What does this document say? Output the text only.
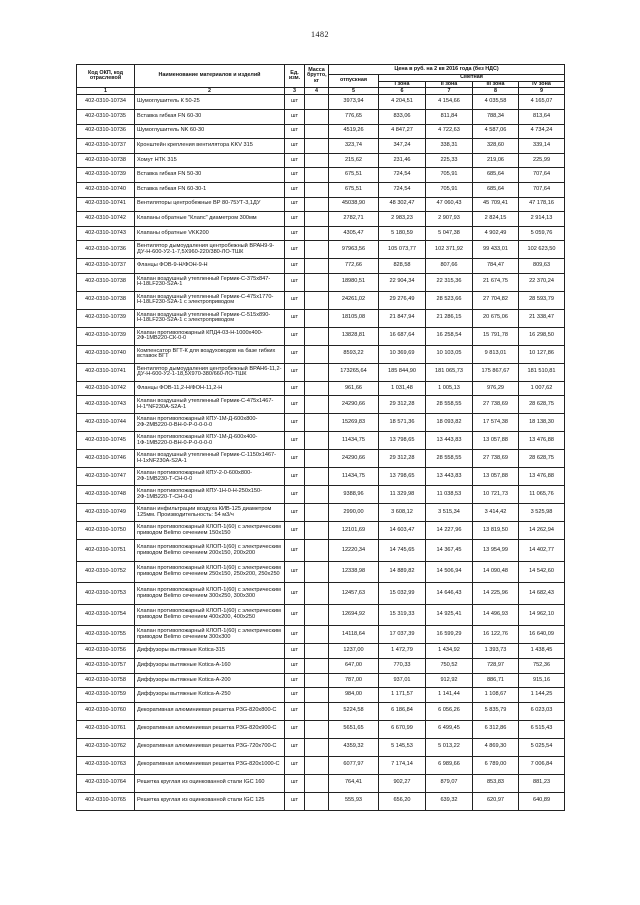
1482
Код ОКП, код отраслевой	Наименование материалов и изделий	Ед. изм.	Масса брутто, кг	Цена в руб. на 2 кв 2016 года (без НДС)				
				отпускная	Сметная			
					I зона	II зона	III зона	IV зона
1	2	3	4	5	6	7	8	9
402-0310-10734	Шумоглушитель К 50-25	шт		3973,94	4 204,51	4 154,66	4 035,58	4 165,07
402-0310-10735	Вставка гибкая FN 60-30	шт		776,65	833,06	811,84	788,34	813,64
402-0310-10736	Шумоглушитель NK 60-30	шт		4519,26	4 847,27	4 722,63	4 587,06	4 734,24
402-0310-10737	Кронштейн крепления вентилятора KKV 315	шт		323,74	347,24	338,31	328,60	339,14
402-0310-10738	Хомут HTK 315	шт		215,62	231,46	225,33	219,06	225,99
402-0310-10739	Вставка гибкая FN 50-30	шт		675,51	724,54	705,91	685,64	707,64
402-0310-10740	Вставка гибкая FN 60-30-1	шт		675,51	724,54	705,91	685,64	707,64
402-0310-10741	Вентиляторы центробежные ВР 80-75УТ-3,1ДУ	шт		45038,90	48 302,47	47 060,43	45 709,41	47 178,16
402-0310-10742	Клапаны обратные "Клапс" диаметром 300мм	шт		2782,71	2 983,23	2 907,93	2 824,15	2 914,13
402-0310-10743	Клапаны обратные VKK200	шт		4305,47	5 180,59	5 047,38	4 902,49	5 059,76
402-0310-10736	Вентилятор дымоудаления центробежный ВРАН9-9-ДУ-Н-600-У2-1-7,5Х960-220/380-ЛО-ТШК	шт		97963,56	105 073,77	102 371,92	99 433,01	102 623,50
402-0310-10737	Фланцы ФОВ-9-Н/ФОН-9-Н	шт		772,66	828,58	807,66	784,47	809,63
402-0310-10738	Клапан воздушный утепленный Гермик-С-375x847-Н-18LF230-S2A-1	шт		18980,51	22 904,34	22 315,36	21 674,75	22 370,24
402-0310-10738	Клапан воздушный утепленный Гермик-С-475x1770-Н-18LF230-S2A-1 с электроприводом	шт		24261,02	29 276,49	28 523,66	27 704,82	28 593,79
402-0310-10739	Клапан воздушный утепленный Гермик-С-515x890-Н-18LF230-S2A-1 с электроприводом	шт		18105,08	21 847,94	21 286,15	20 675,06	21 338,47
402-0310-10739	Клапан противопожарный КПД4-03-Н-1000x400-2Ф-1МВ220-СК-0-0	шт		13828,81	16 687,64	16 258,54	15 791,78	16 298,50
402-0310-10740	Компенсатор ВГТ-К для воздуховодов на базе гибких вставок ВГТ	шт		8593,22	10 369,69	10 103,05	9 813,01	10 127,86
402-0310-10741	Вентилятор дымоудаления центробежный ВРАН6-11,2-ДУ-Н-600-У2-1-18,5Х970-380/660-ЛО-ТШК	шт		173265,64	185 844,90	181 065,73	175 867,67	181 510,81
402-0310-10742	Фланцы ФОВ-11,2-Н/ФОН-11,2-Н	шт		961,66	1 031,48	1 005,13	976,29	1 007,62
402-0310-10743	Клапан воздушный утепленный Гермик-С-475x1467-Н-1*NF230A-S2A-1	шт		24290,66	29 312,28	28 558,55	27 738,69	28 628,75
402-0310-10744	Клапан противопожарный КПУ-1М-Д-600x800-2Ф-2МВ220-0-ВН-0-Р-0-0-0-0	шт		15269,83	18 571,36	18 093,82	17 574,38	18 138,30
402-0310-10745	Клапан противопожарный КПУ-1М-Д-600x400-1Ф-1МВ220-0-ВН-0-Р-0-0-0-0	шт		11434,75	13 798,65	13 443,83	13 057,88	13 476,88
402-0310-10746	Клапан воздушный утепленный Гермик-С-1150x1467-Н-1хNF230A-S2A-1	шт		24290,66	29 312,28	28 558,55	27 738,69	28 628,75
402-0310-10747	Клапан противопожарный КПУ-2-0-600x800-2Ф-1МВ230-Т-СН-0-0	шт		11434,75	13 798,65	13 443,83	13 057,88	13 476,88
402-0310-10748	Клапан противопожарный КПУ-1Н-0-Н-250x150-2Ф-1МВ220-Т-СН-0-0	шт		9388,96	11 329,98	11 038,53	10 721,73	11 065,76
402-0310-10749	Клапан инфильтрации воздуха КИВ-125 диаметром 125мм. Производительность: 54 м3/ч	шт		2990,00	3 608,12	3 515,34	3 414,42	3 525,98
402-0310-10750	Клапан противопожарный КЛОП-1(60) с электрическим приводом Belimo сечением 150x150	шт		12101,69	14 603,47	14 227,96	13 819,50	14 262,94
402-0310-10751	Клапан противопожарный КЛОП-1(60) с электрическим приводом Belimo сечением 200x150, 200x200	шт		12220,34	14 745,65	14 367,45	13 954,99	14 402,77
402-0310-10752	Клапан противопожарный КЛОП-1(60) с электрическим приводом Belimo сечением 250x150, 250x200, 250x250	шт		12338,98	14 889,82	14 506,94	14 090,48	14 542,60
402-0310-10753	Клапан противопожарный КЛОП-1(60) с электрическим приводом Belimo сечением 300x250, 300x300	шт		12457,63	15 032,99	14 646,43	14 225,96	14 682,43
402-0310-10754	Клапан противопожарный КЛОП-1(60) с электрическим приводом Belimo сечением 400x200, 400x250	шт		12694,92	15 319,33	14 925,41	14 496,93	14 962,10
402-0310-10755	Клапан противопожарный КЛОП-1(60) с электрическим приводом Belimo сечением 300x300	шт		14118,64	17 037,39	16 599,29	16 122,76	16 640,09
402-0310-10756	Диффузоры вытяжные Kotica-315	шт		1237,00	1 472,79	1 434,92	1 393,73	1 438,45
402-0310-10757	Диффузоры вытяжные Kotica-A-160	шт		647,00	770,33	750,52	728,97	752,36
402-0310-10758	Диффузоры вытяжные Kotica-A-200	шт		787,00	937,01	912,92	886,71	915,16
402-0310-10759	Диффузоры вытяжные Kotica-A-250	шт		984,00	1 171,57	1 141,44	1 108,67	1 144,25
402-0310-10760	Декоративная алюминиевая решетка РЗG-820x800-С	шт		5224,58	6 186,84	6 056,26	5 835,79	6 023,03
402-0310-10761	Декоративная алюминиевая решетка РЗG-820x900-С	шт		5651,65	6 670,99	6 499,45	6 312,86	6 515,43
402-0310-10762	Декоративная алюминиевая решетка РЗG-720x700-С	шт		4359,32	5 145,53	5 013,22	4 869,30	5 025,54
402-0310-10763	Декоративная алюминиевая решетка РЗG-820x1000-С	шт		6077,97	7 174,14	6 989,66	6 789,00	7 006,84
402-0310-10764	Решетка круглая из оцинкованной стали IGC 160	шт		764,41	902,27	879,07	853,83	881,23
402-0310-10765	Решетка круглая из оцинкованной стали IGC 125	шт		555,93	656,20	639,32	620,97	640,89
